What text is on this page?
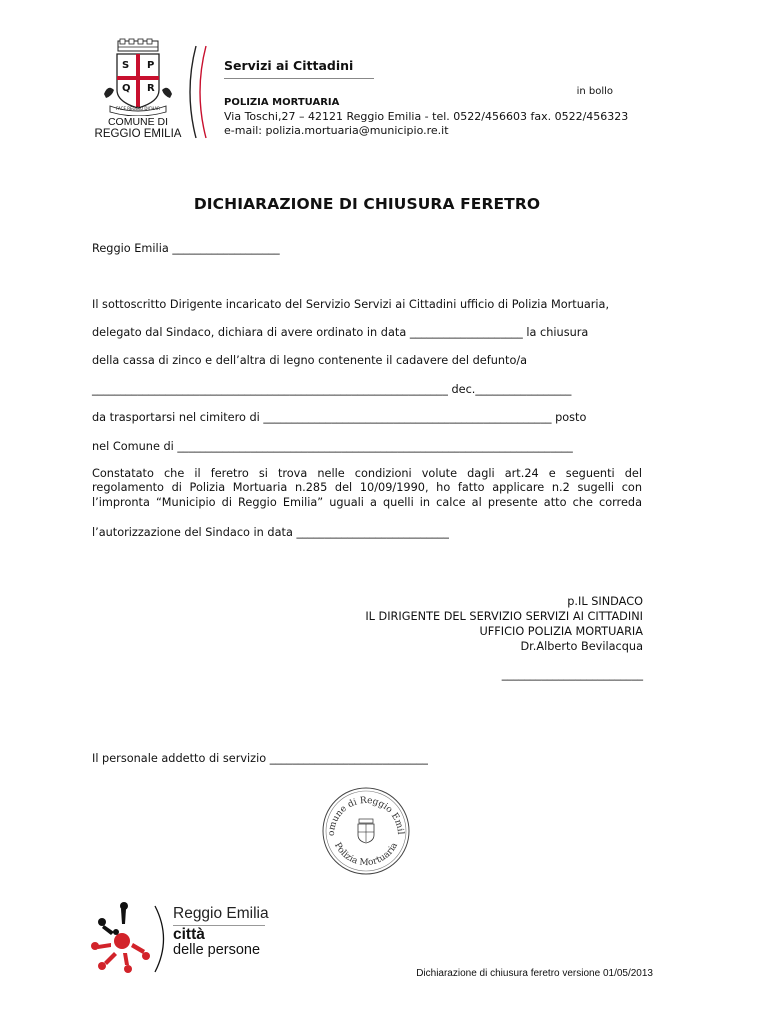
S P
Q R
FACE REGGIO DICHAR
COMUNE DI
REGGIO EMILIA
Servizi ai Cittadini
in bollo
POLIZIA MORTUARIA
Via Toschi,27 – 42121 Reggio Emilia - tel. 0522/456603 fax. 0522/456323
e-mail: polizia.mortuaria@municipio.re.it
DICHIARAZIONE DI CHIUSURA FERETRO
Reggio Emilia ___________________
Il sottoscritto Dirigente incaricato del Servizio Servizi ai Cittadini ufficio di Polizia Mortuaria,
delegato dal Sindaco, dichiara di avere ordinato in data ____________________ la chiusura
della cassa di zinco e dell’altra di legno contenente il cadavere del defunto/a
_______________________________________________________________ dec._________________
da trasportarsi nel cimitero di ___________________________________________________ posto
nel Comune di ______________________________________________________________________
Constatato che il feretro si trova nelle condizioni volute dagli art.24 e seguenti del
regolamento di Polizia Mortuaria n.285 del 10/09/1990, ho fatto applicare n.2 sugelli con
l’impronta “Municipio di Reggio Emilia” uguali a quelli in calce al presente atto che correda
l’autorizzazione del Sindaco in data ___________________________
p.IL SINDACO
IL DIRIGENTE DEL SERVIZIO SERVIZI AI CITTADINI
UFFICIO POLIZIA MORTUARIA
Dr.Alberto Bevilacqua
_________________________
Il personale addetto di servizio ____________________________
omune di Reggio Emil
Polizia Mortuaria
Reggio Emilia
città
delle persone
Dichiarazione di chiusura feretro versione 01/05/2013
